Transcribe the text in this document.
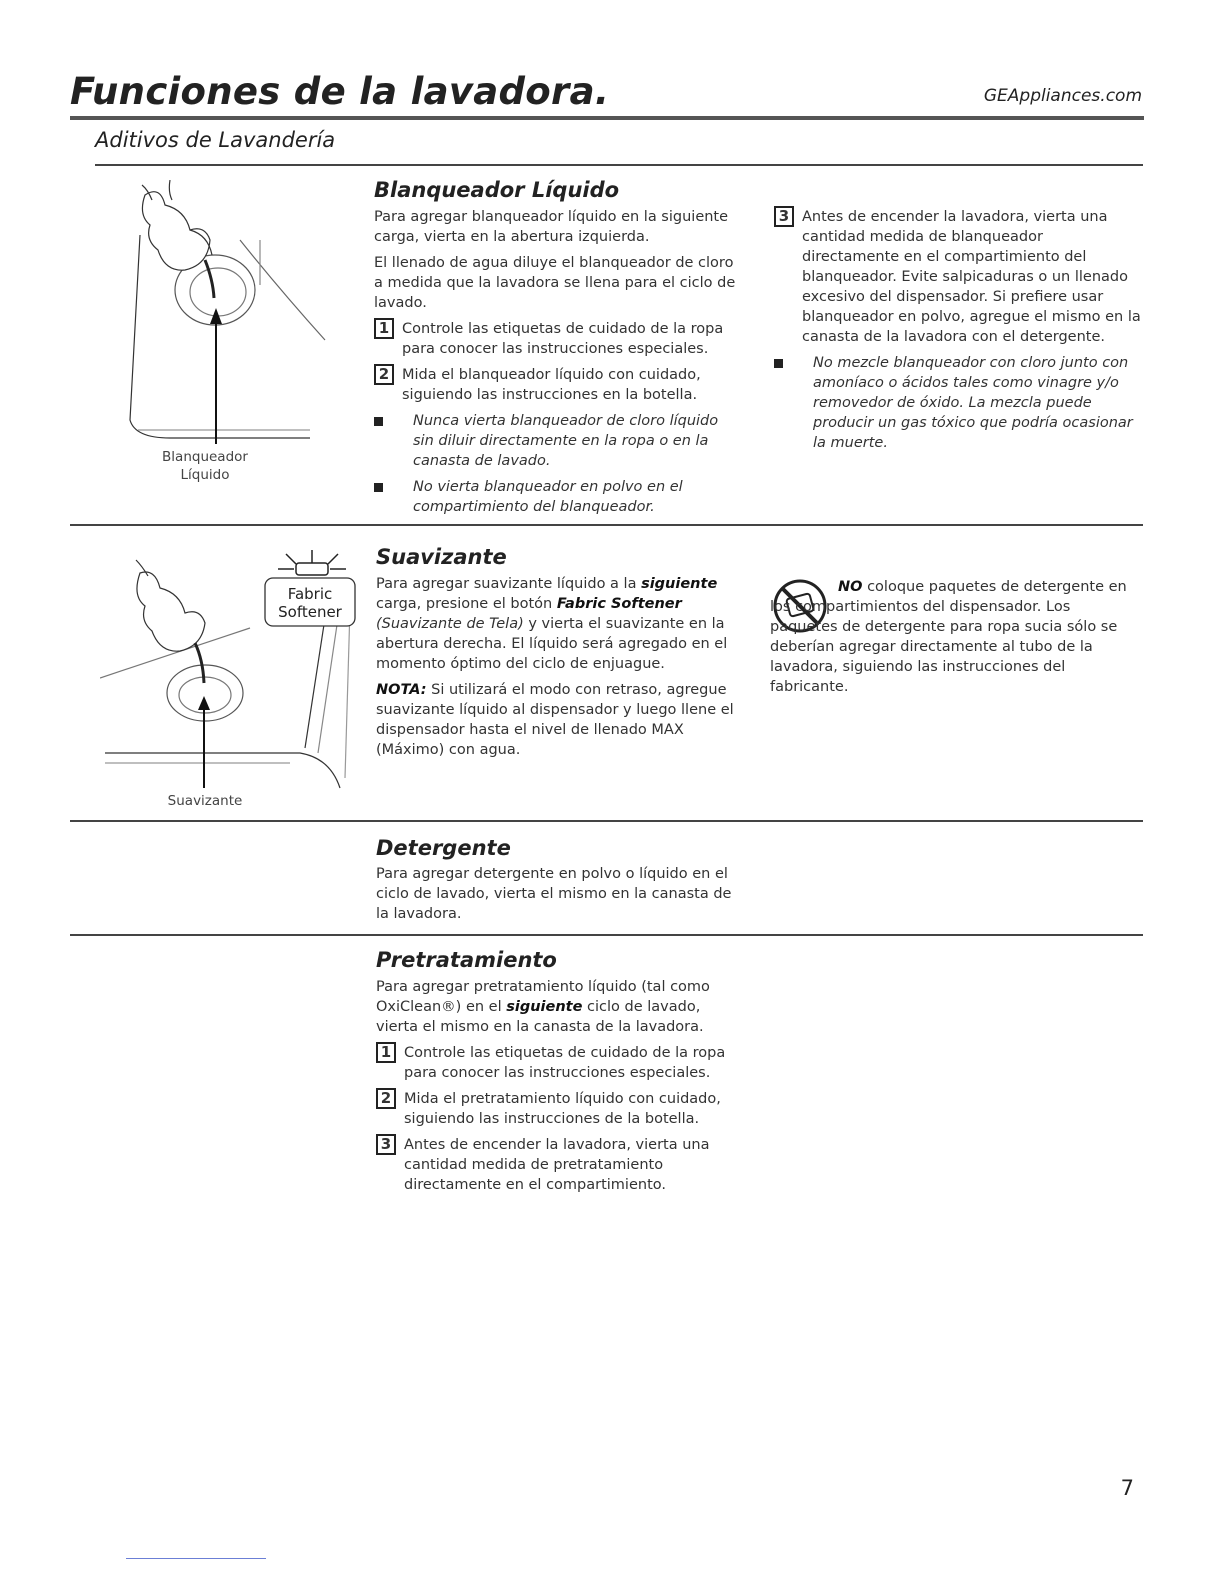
Funciones de la lavadora.	GEAppliances.com
Aditivos de Lavandería
Blanqueador
Líquido
Blanqueador Líquido

Para agregar blanqueador líquido en la siguiente carga, vierta en la abertura izquierda.

El llenado de agua diluye el blanqueador de cloro a medida que la lavadora se llena para el ciclo de lavado.

1 Controle las etiquetas de cuidado de la ropa para conocer las instrucciones especiales.
2 Mida el blanqueador líquido con cuidado, siguiendo las instrucciones en la botella.
Nunca vierta blanqueador de cloro líquido sin diluir directamente en la ropa o en la canasta de lavado.
No vierta blanqueador en polvo en el compartimiento del blanqueador.
3 Antes de encender la lavadora, vierta una cantidad medida de blanqueador directamente en el compartimiento del blanqueador. Evite salpicaduras o un llenado excesivo del dispensador. Si prefiere usar blanqueador en polvo, agregue el mismo en la canasta de la lavadora con el detergente.
No mezcle blanqueador con cloro junto con amoníaco o ácidos tales como vinagre y/o removedor de óxido. La mezcla puede producir un gas tóxico que podría ocasionar la muerte.
Fabric
Softener
Suavizante
Suavizante

Para agregar suavizante líquido a la siguiente carga, presione el botón Fabric Softener (Suavizante de Tela) y vierta el suavizante en la abertura derecha. El líquido será agregado en el momento óptimo del ciclo de enjuague.

NOTA: Si utilizará el modo con retraso, agregue suavizante líquido al dispensador y luego llene el dispensador hasta el nivel de llenado MAX (Máximo) con agua.

NO coloque paquetes de detergente en los compartimientos del dispensador. Los paquetes de detergente para ropa sucia sólo se deberían agregar directamente al tubo de la lavadora, siguiendo las instrucciones del fabricante.
Detergente
Para agregar detergente en polvo o líquido en el ciclo de lavado, vierta el mismo en la canasta de la lavadora.
Pretratamiento

Para agregar pretratamiento líquido (tal como OxiClean®) en el siguiente ciclo de lavado, vierta el mismo en la canasta de la lavadora.

1 Controle las etiquetas de cuidado de la ropa para conocer las instrucciones especiales.
2 Mida el pretratamiento líquido con cuidado, siguiendo las instrucciones de la botella.
3 Antes de encender la lavadora, vierta una cantidad medida de pretratamiento directamente en el compartimiento.
7
